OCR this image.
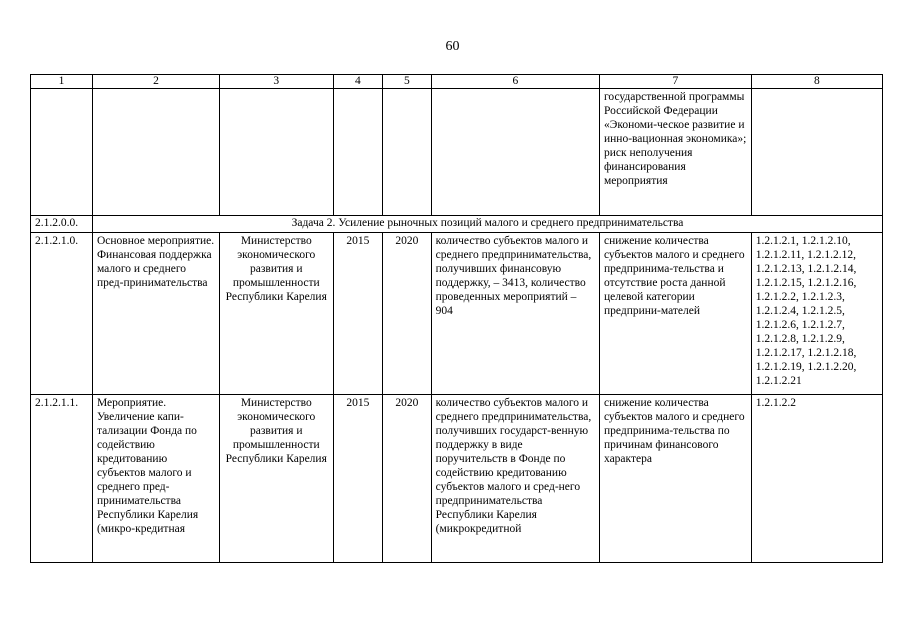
60
1	2	3	4	5	6	7	8
						государственной программы Российской Федерации «Экономи-ческое развитие и инно-вационная экономика»; риск неполучения финансирования мероприятия	
2.1.2.0.0.	Задача 2. Усиление рыночных позиций малого и среднего предпринимательства						
2.1.2.1.0.	Основное мероприятие. Финансовая поддержка малого и среднего пред-принимательства	Министерство экономического развития и промышленности Республики Карелия	2015	2020	количество субъектов малого и среднего предпринимательства, получивших финансовую поддержку, – 3413, количество проведенных мероприятий – 904	снижение количества субъектов малого и среднего предпринима-тельства и отсутствие роста данной целевой категории предприни-мателей	1.2.1.2.1, 1.2.1.2.10, 1.2.1.2.11, 1.2.1.2.12, 1.2.1.2.13, 1.2.1.2.14, 1.2.1.2.15, 1.2.1.2.16, 1.2.1.2.2, 1.2.1.2.3, 1.2.1.2.4, 1.2.1.2.5, 1.2.1.2.6, 1.2.1.2.7, 1.2.1.2.8, 1.2.1.2.9, 1.2.1.2.17, 1.2.1.2.18, 1.2.1.2.19, 1.2.1.2.20, 1.2.1.2.21
2.1.2.1.1.	Мероприятие. Увеличение капи-тализации Фонда по содействию кредитованию субъектов малого и среднего пред-принимательства Республики Карелия (микро-кредитная	Министерство экономического развития и промышленности Республики Карелия	2015	2020	количество субъектов малого и среднего предпринимательства, получивших государст-венную поддержку в виде поручительств в Фонде по содействию кредитованию субъектов малого и сред-него предпринимательства Республики Карелия (микрокредитной	снижение количества субъектов малого и среднего предпринима-тельства по причинам финансового характера	1.2.1.2.2
